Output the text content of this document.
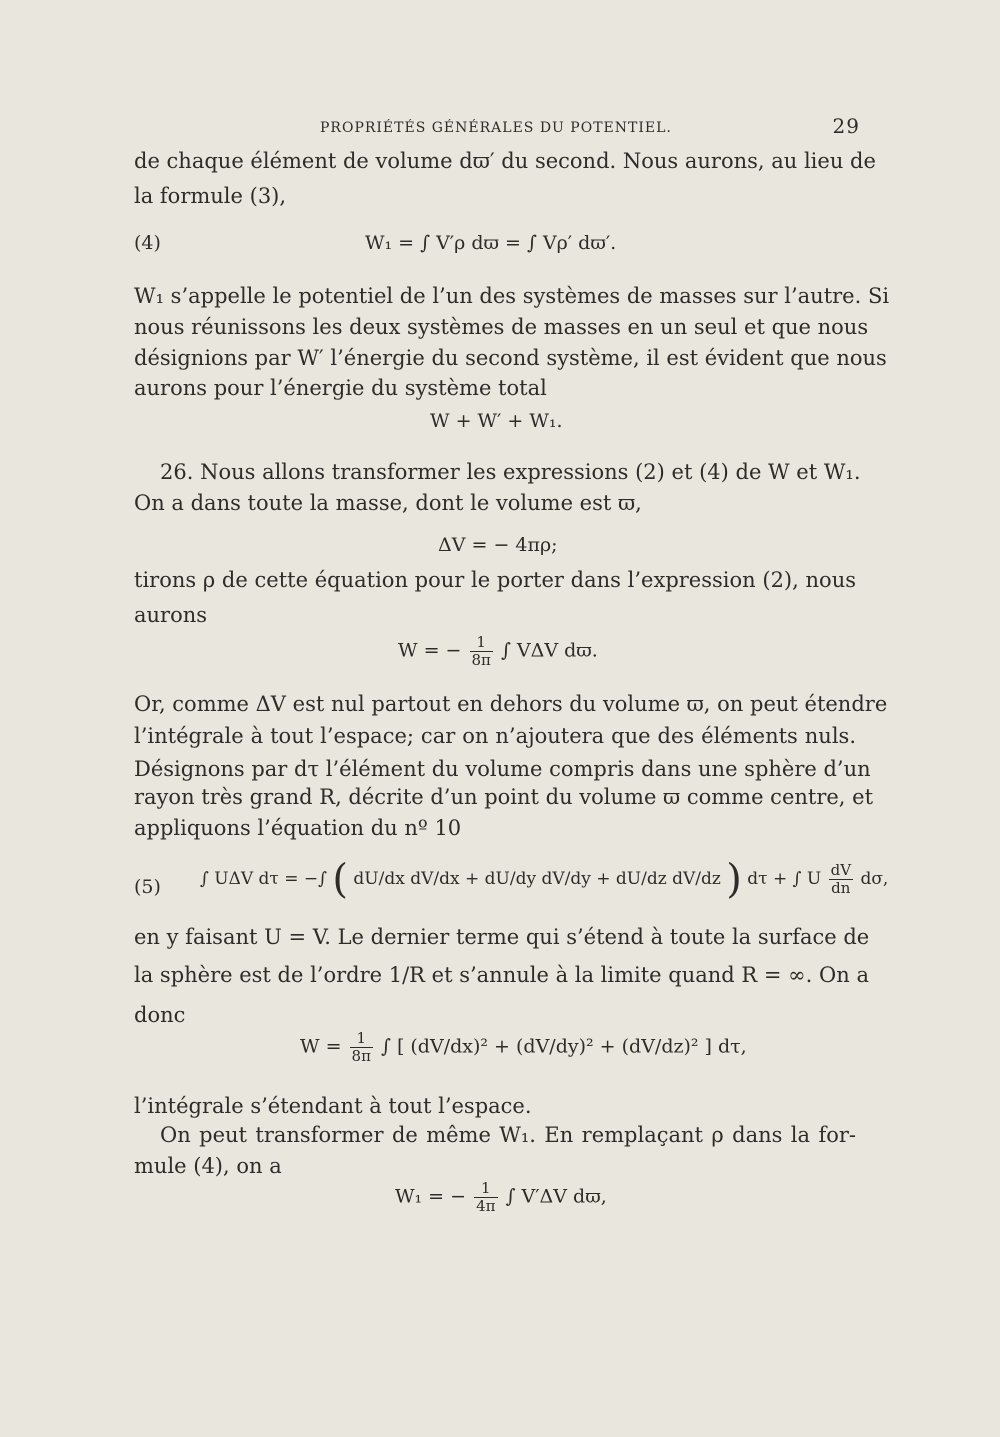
PROPRIÉTÉS GÉNÉRALES DU POTENTIEL.	29
de chaque élément de volume dϖ′ du second. Nous aurons, au lieu de
la formule (3),
(4)	W₁ = ∫ V′ρ dϖ = ∫ Vρ′ dϖ′.
W₁ s’appelle le potentiel de l’un des systèmes de masses sur l’autre. Si
nous réunissons les deux systèmes de masses en un seul et que nous
désignions par W′ l’énergie du second système, il est évident que nous
aurons pour l’énergie du système total
W + W′ + W₁.
26. Nous allons transformer les expressions (2) et (4) de W et W₁.
On a dans toute la masse, dont le volume est ϖ,
ΔV = − 4πρ;
tirons ρ de cette équation pour le porter dans l’expression (2), nous
aurons
W = − $\frac{1}{8\pi}$ ∫ VΔV dϖ.
Or, comme ΔV est nul partout en dehors du volume ϖ, on peut étendre
l’intégrale à tout l’espace; car on n’ajoutera que des éléments nuls.
Désignons par dτ l’élément du volume compris dans une sphère d’un
rayon très grand R, décrite d’un point du volume ϖ comme centre, et
appliquons l’équation du nº 10
(5) ∫ UΔV dτ = −∫ ( dU/dx dV/dx + dU/dy dV/dy + dU/dz dV/dz ) dτ + ∫ U $\frac{dV}{dn} d\sigma$,
en y faisant U = V. Le dernier terme qui s’étend à toute la surface de
la sphère est de l’ordre 1/R et s’annule à la limite quand R = ∞. On a
donc
$W = \frac{1}{8\pi}$ ∫ [ (dV/dx)² + (dV/dy)² + (dV/dz)² ] dτ,
l’intégrale s’étendant à tout l’espace.
On peut transformer de même W₁. En remplaçant ρ dans la for-
mule (4), on a
W₁ = − $\frac{1}{4\pi}$ ∫ V′ΔV dϖ,
